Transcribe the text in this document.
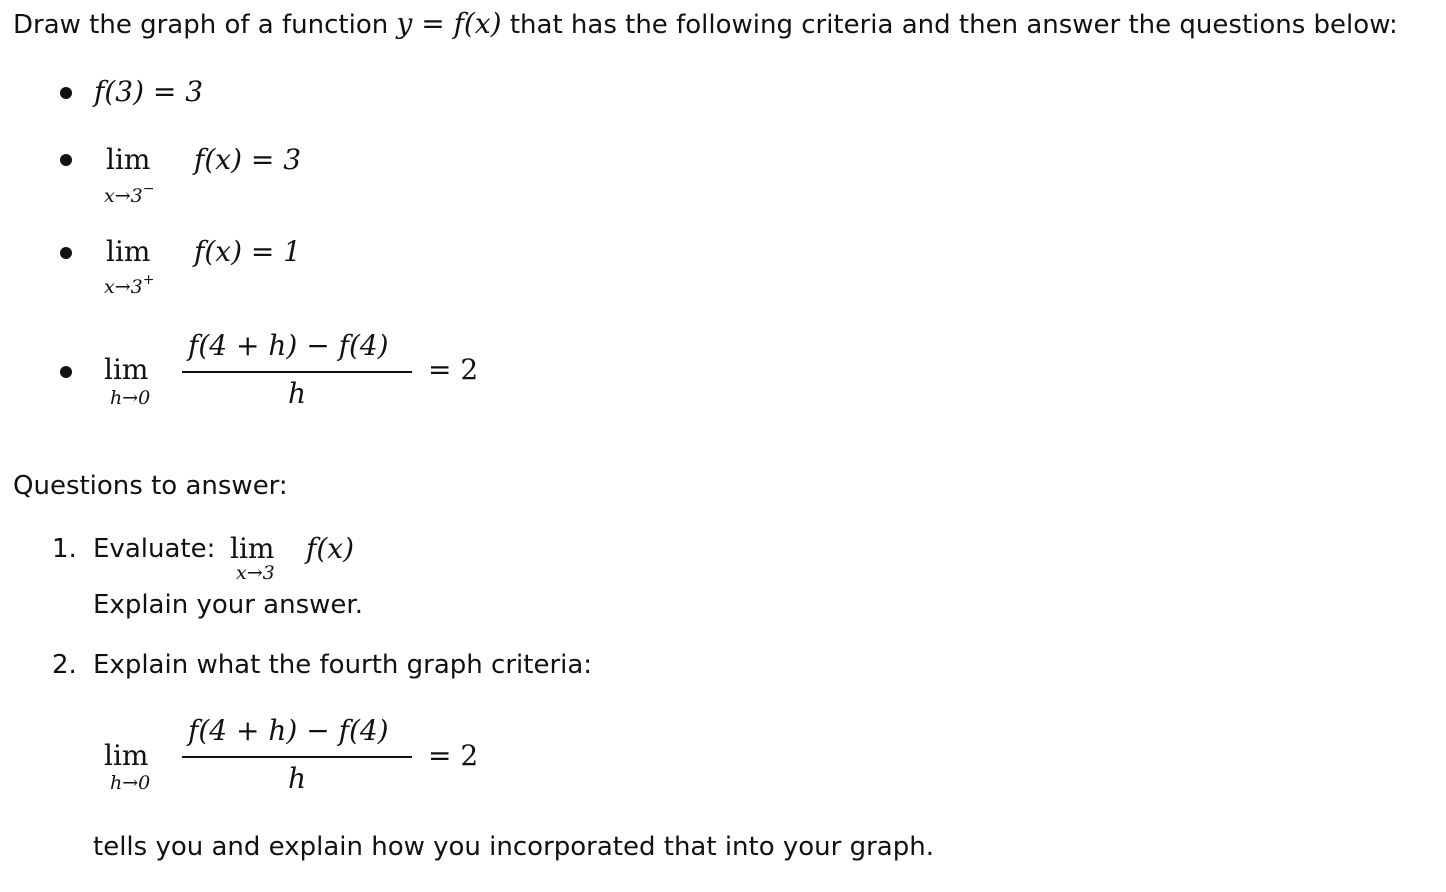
Draw the graph of a function y = f(x) that has the following criteria and then answer the questions below:
f(3) = 3
lim
x→3−
f(x) = 3
lim
x→3+
f(x) = 1
lim
h→0
f(4 + h) − f(4)
h
= 2
Questions to answer:
1. Evaluate: lim
x→3
f(x)
Explain your answer.
2. Explain what the fourth graph criteria:
lim
h→0
f(4 + h) − f(4)
h
= 2
tells you and explain how you incorporated that into your graph.
